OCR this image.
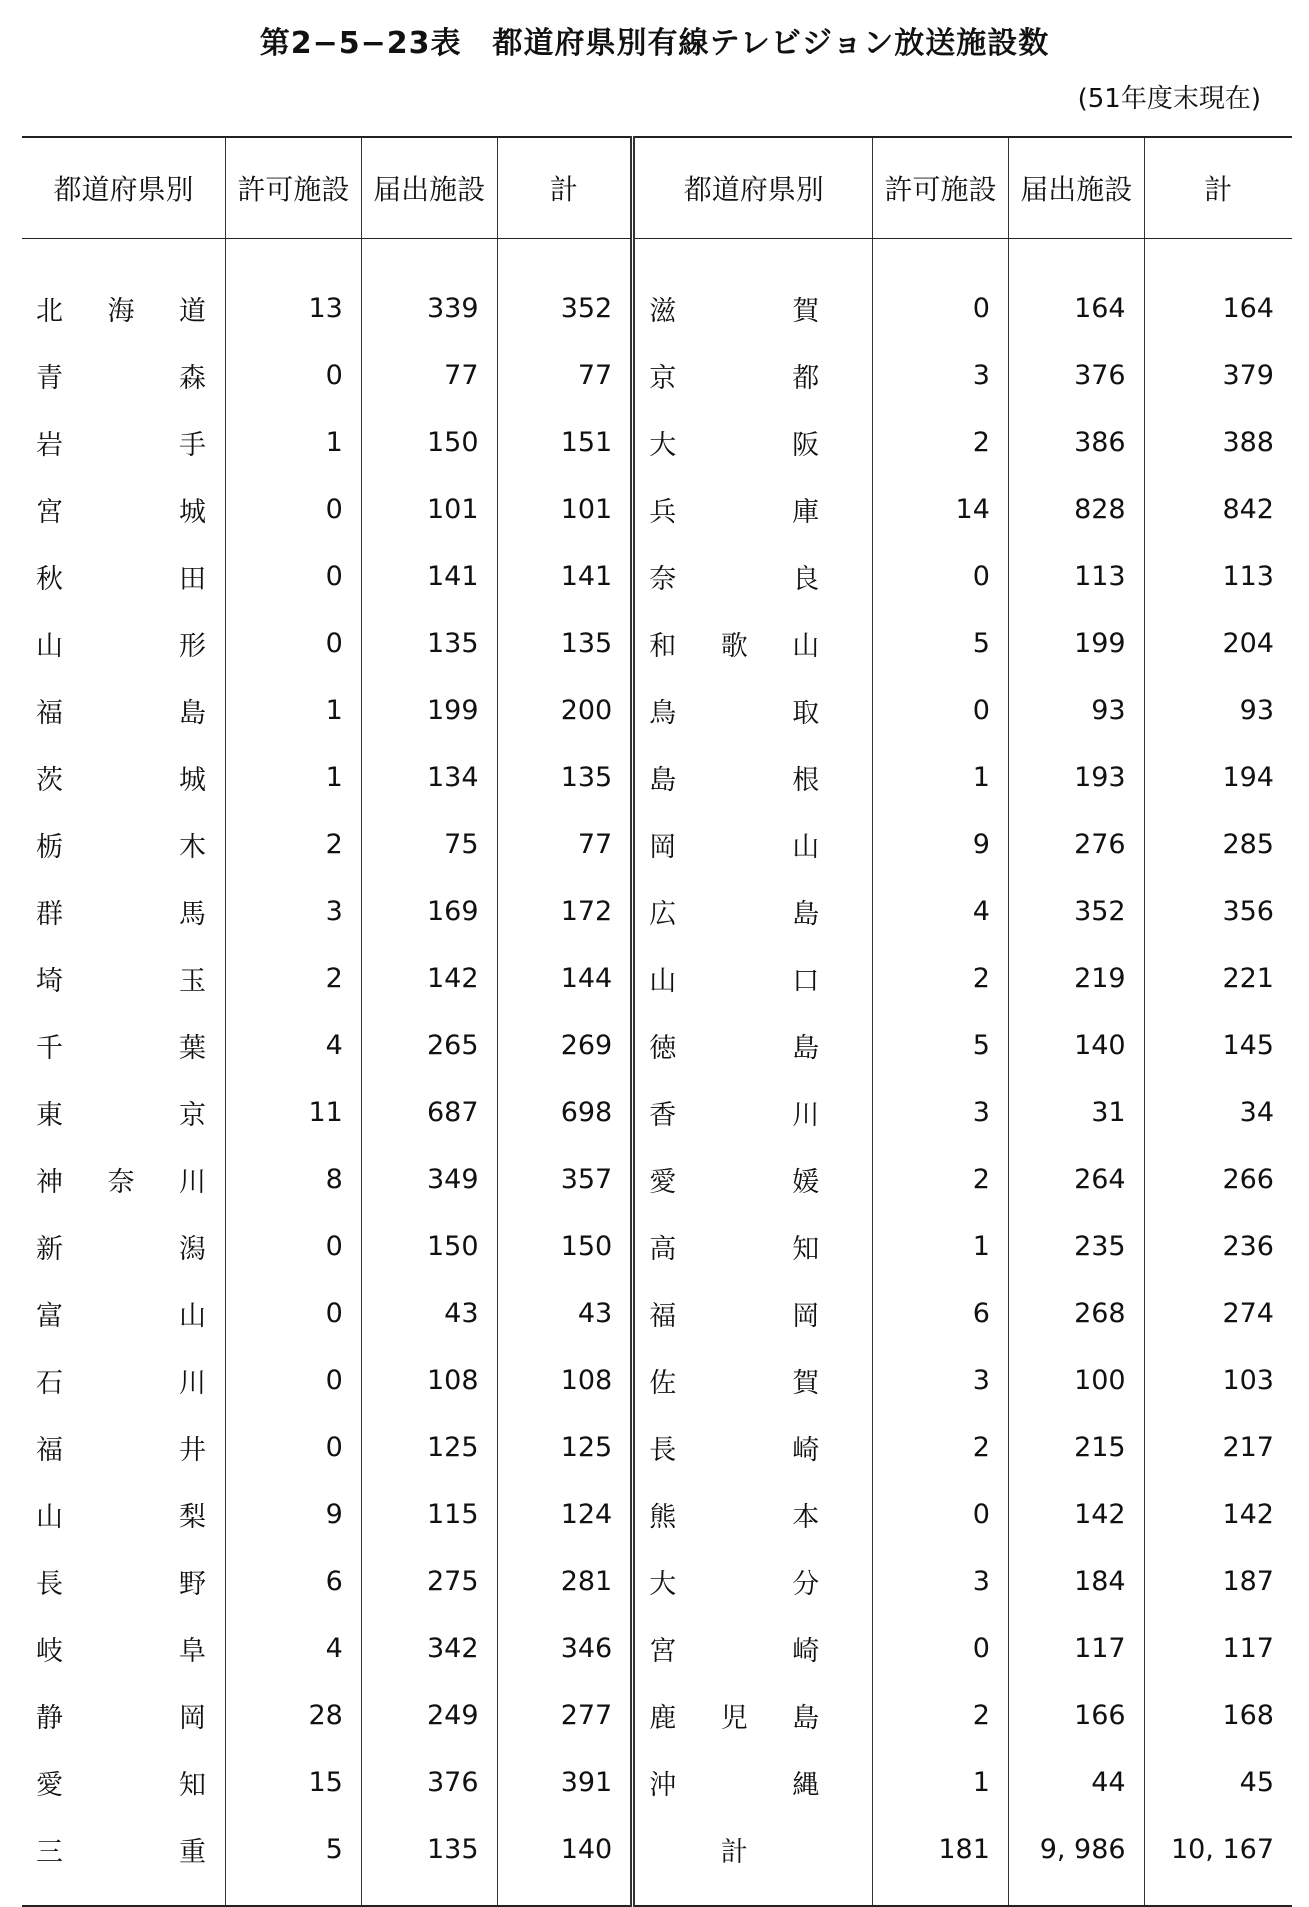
第2−5−23表　都道府県別有線テレビジョン放送施設数
(51年度末現在)
都道府県別	許可施設	届出施設	計	都道府県別	許可施設	届出施設	計

北 海 道	13	339	352	滋 賀	0	164	164

青 森	0	77	77	京 都	3	376	379

岩 手	1	150	151	大 阪	2	386	388

宮 城	0	101	101	兵 庫	14	828	842

秋 田	0	141	141	奈 良	0	113	113

山 形	0	135	135	和 歌 山	5	199	204

福 島	1	199	200	鳥 取	0	93	93

茨 城	1	134	135	島 根	1	193	194

栃 木	2	75	77	岡 山	9	276	285

群 馬	3	169	172	広 島	4	352	356

埼 玉	2	142	144	山 口	2	219	221

千 葉	4	265	269	徳 島	5	140	145

東 京	11	687	698	香 川	3	31	34

神 奈 川	8	349	357	愛 媛	2	264	266

新 潟	0	150	150	高 知	1	235	236

富 山	0	43	43	福 岡	6	268	274

石 川	0	108	108	佐 賀	3	100	103

福 井	0	125	125	長 崎	2	215	217

山 梨	9	115	124	熊 本	0	142	142

長 野	6	275	281	大 分	3	184	187

岐 阜	4	342	346	宮 崎	0	117	117

静 岡	28	249	277	鹿 児 島	2	166	168

愛 知	15	376	391	沖 縄	1	44	45

三 重	5	135	140	計	181	9, 986	10, 167
